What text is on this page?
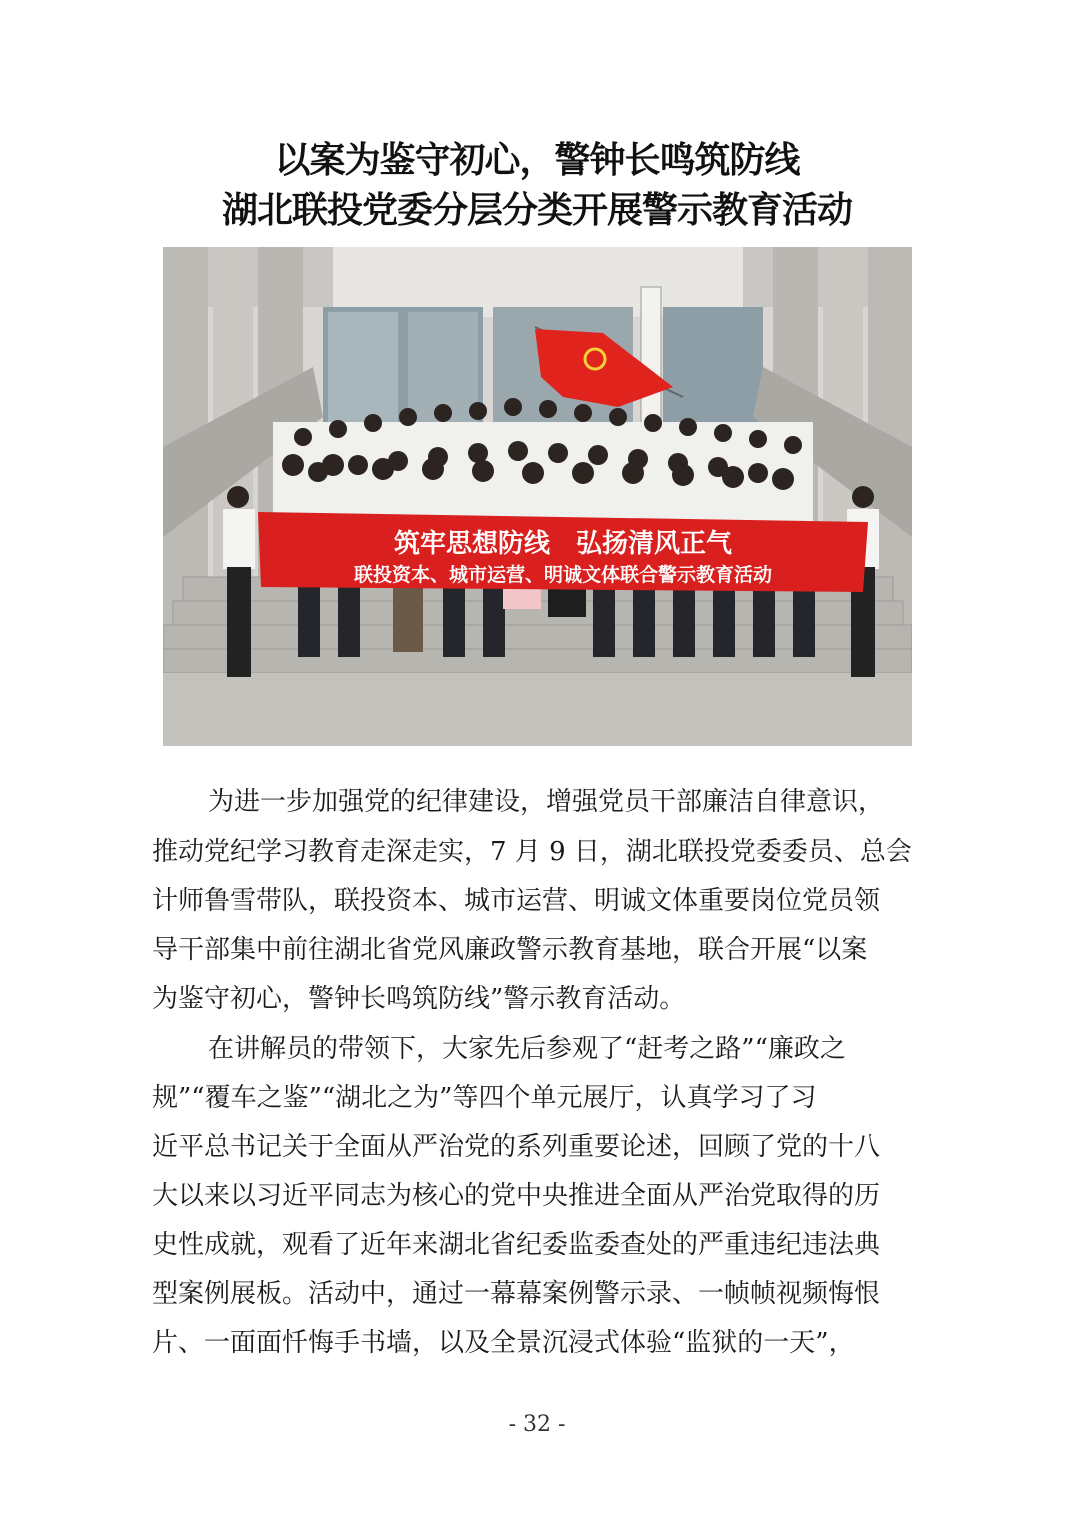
以案为鉴守初心，警钟长鸣筑防线
湖北联投党委分层分类开展警示教育活动
筑牢思想防线　弘扬清风正气
联投资本、城市运营、明诚文体联合警示教育活动
为进一步加强党的纪律建设，增强党员干部廉洁自律意识，
推动党纪学习教育走深走实，7 月 9 日，湖北联投党委委员、总会
计师鲁雪带队，联投资本、城市运营、明诚文体重要岗位党员领
导干部集中前往湖北省党风廉政警示教育基地，联合开展“以案
为鉴守初心，警钟长鸣筑防线”警示教育活动。
在讲解员的带领下，大家先后参观了“赶考之路”“廉政之
规”“覆车之鉴”“湖北之为”等四个单元展厅，认真学习了习
近平总书记关于全面从严治党的系列重要论述，回顾了党的十八
大以来以习近平同志为核心的党中央推进全面从严治党取得的历
史性成就，观看了近年来湖北省纪委监委查处的严重违纪违法典
型案例展板。活动中，通过一幕幕案例警示录、一帧帧视频悔恨
片、一面面忏悔手书墙，以及全景沉浸式体验“监狱的一天”，
- 32 -
